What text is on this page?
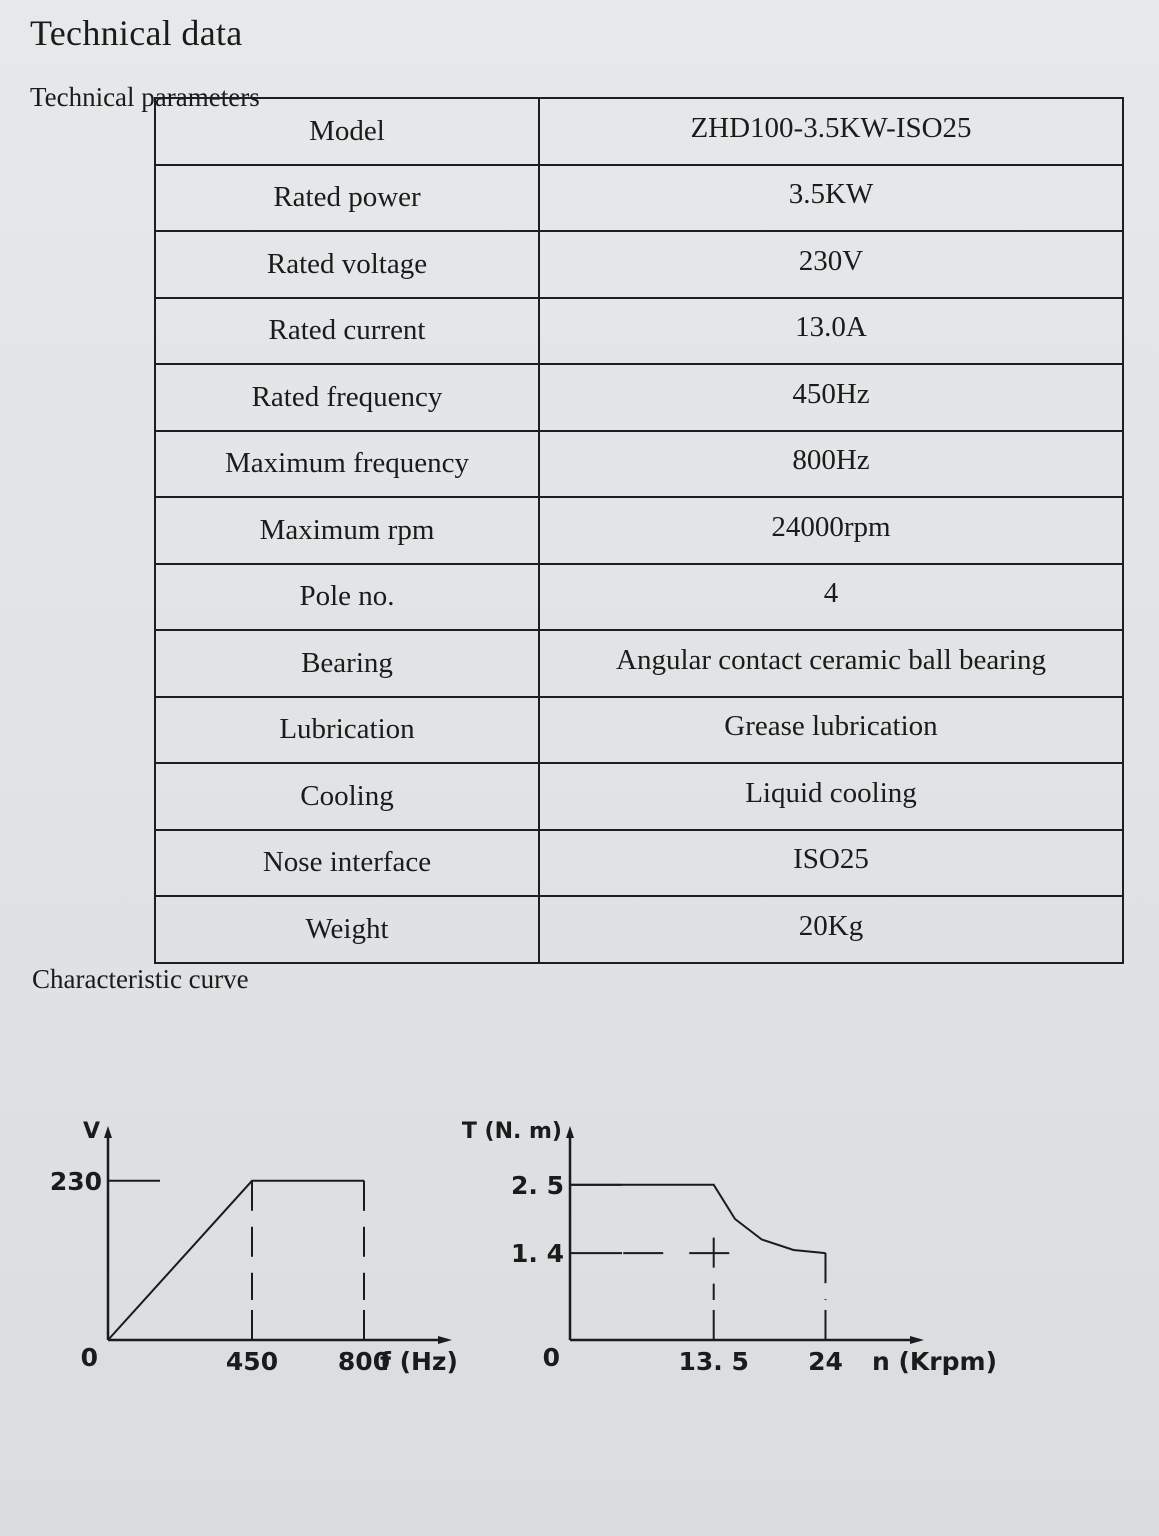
Technical data
Technical parameters
Model	ZHD100-3.5KW-ISO25
Rated power	3.5KW
Rated voltage	230V
Rated current	13.0A
Rated frequency	450Hz
Maximum frequency	800Hz
Maximum rpm	24000rpm
Pole no.	4
Bearing	Angular contact ceramic ball bearing
Lubrication	Grease lubrication
Cooling	Liquid cooling
Nose interface	ISO25
Weight	20Kg
Characteristic curve
V
f (Hz)
0	450 800
230
T (N. m)
n (Krpm)
0	13. 5 24
2. 5
1. 4
